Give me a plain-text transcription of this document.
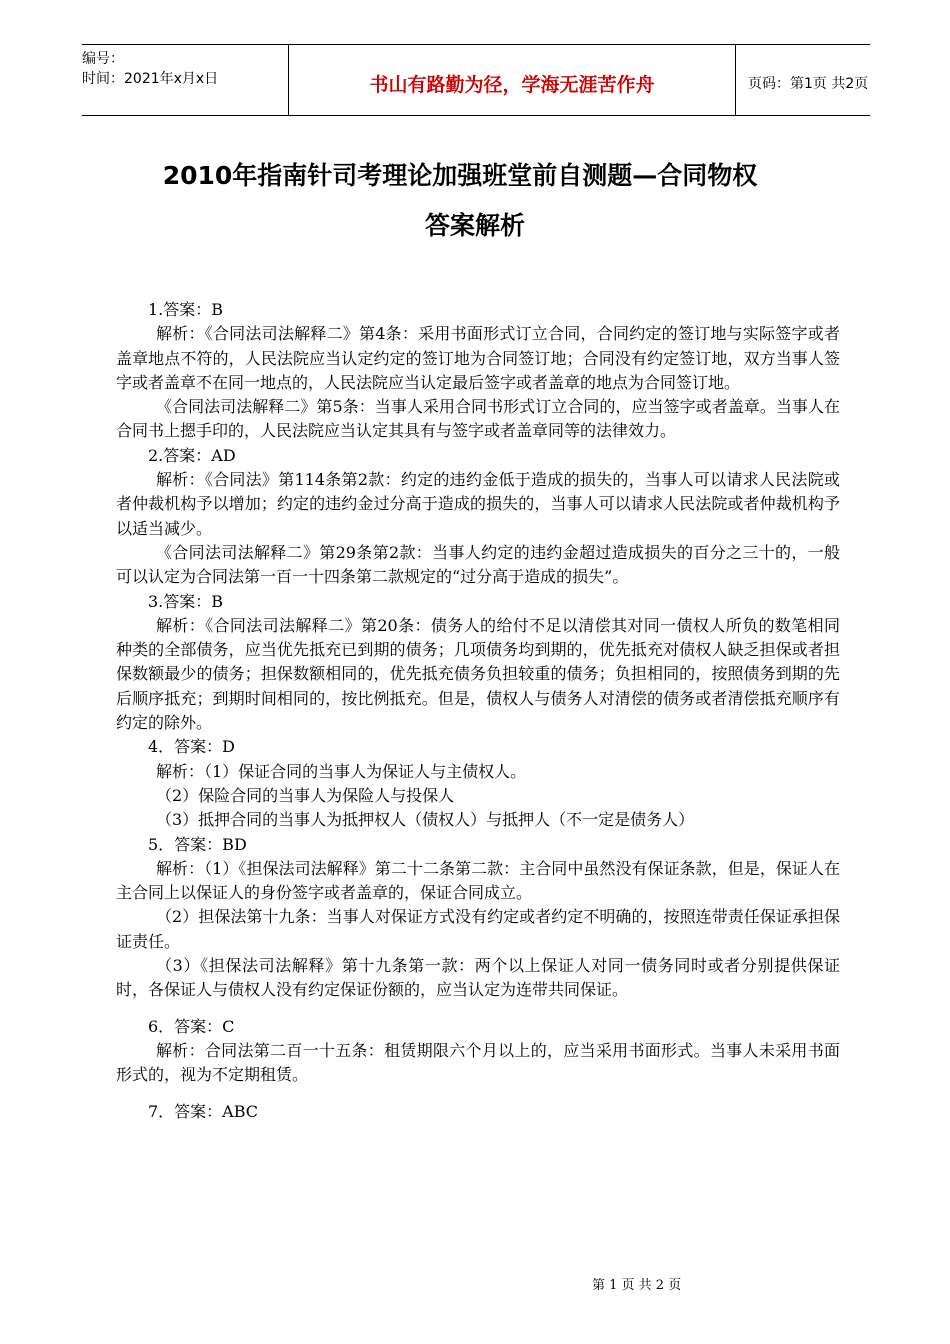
编号：
时间：2021年x月x日	书山有路勤为径，学海无涯苦作舟	页码：第1页 共2页
2010年指南针司考理论加强班堂前自测题—合同物权
答案解析

1.答案：B

解析：《合同法司法解释二》第4条：采用书面形式订立合同，合同约定的签订地与实际签字或者盖章地点不符的，人民法院应当认定约定的签订地为合同签订地；合同没有约定签订地，双方当事人签字或者盖章不在同一地点的，人民法院应当认定最后签字或者盖章的地点为合同签订地。

《合同法司法解释二》第5条：当事人采用合同书形式订立合同的，应当签字或者盖章。当事人在合同书上摁手印的，人民法院应当认定其具有与签字或者盖章同等的法律效力。

2.答案：AD

解析：《合同法》第114条第2款：约定的违约金低于造成的损失的，当事人可以请求人民法院或者仲裁机构予以增加；约定的违约金过分高于造成的损失的，当事人可以请求人民法院或者仲裁机构予以适当减少。

《合同法司法解释二》第29条第2款：当事人约定的违约金超过造成损失的百分之三十的，一般可以认定为合同法第一百一十四条第二款规定的“过分高于造成的损失”。

3.答案：B

解析：《合同法司法解释二》第20条：债务人的给付不足以清偿其对同一债权人所负的数笔相同种类的全部债务，应当优先抵充已到期的债务；几项债务均到期的，优先抵充对债权人缺乏担保或者担保数额最少的债务；担保数额相同的，优先抵充债务负担较重的债务；负担相同的，按照债务到期的先后顺序抵充；到期时间相同的，按比例抵充。但是，债权人与债务人对清偿的债务或者清偿抵充顺序有约定的除外。

4．答案：D

解析：（1）保证合同的当事人为保证人与主债权人。

（2）保险合同的当事人为保险人与投保人

（3）抵押合同的当事人为抵押权人（债权人）与抵押人（不一定是债务人）

5．答案：BD

解析：（1）《担保法司法解释》第二十二条第二款：主合同中虽然没有保证条款，但是，保证人在主合同上以保证人的身份签字或者盖章的，保证合同成立。

（2）担保法第十九条：当事人对保证方式没有约定或者约定不明确的，按照连带责任保证承担保证责任。

（3）《担保法司法解释》第十九条第一款：两个以上保证人对同一债务同时或者分别提供保证时，各保证人与债权人没有约定保证份额的，应当认定为连带共同保证。

6．答案：C

解析：合同法第二百一十五条：租赁期限六个月以上的，应当采用书面形式。当事人未采用书面形式的，视为不定期租赁。

7．答案：ABC

第 1 页 共 2 页
